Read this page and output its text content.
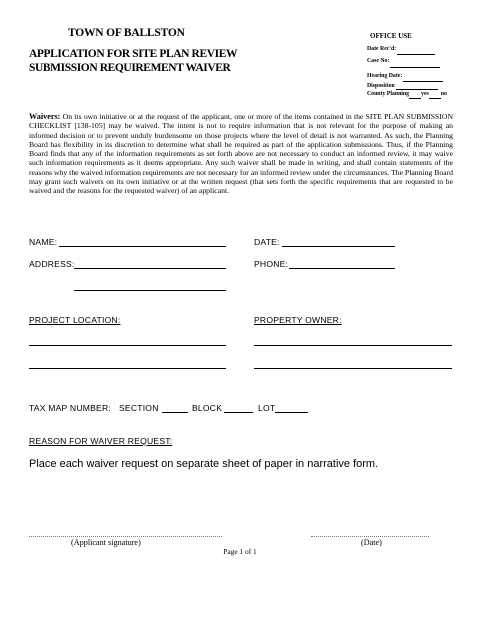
TOWN OF BALLSTON
APPLICATION FOR SITE PLAN REVIEW
SUBMISSION REQUIREMENT WAIVER
OFFICE USE
Date Rec'd:
Case No:
Hearing Date:
Disposition
County Planning yes no
Waivers: On its own initiative or at the request of the applicant, one or more of the items contained in the SITE PLAN SUBMISSION CHECKLIST [138-105] may be waived. The intent is not to require information that is not relevant for the purpose of making an informed decision or to prevent unduly burdensome on those projects where the level of detail is not warranted. As such, the Planning Board has flexibility in its discretion to determine what shall be required as part of the application submissions. Thus, if the Planning Board finds that any of the information requirements as set forth above are not necessary to conduct an informed review, it may waive such information requirements as it deems appropriate. Any such waiver shall be made in writing, and shall contain statements of the reasons why the waived information requirements are not necessary for an informed review under the circumstances. The Planning Board may grant such waivers on its own initiative or at the written request (that sets forth the specific requirements that are requested to be waived and the reasons for the requested waiver) of an applicant.
NAME:	DATE:
ADDRESS:	PHONE:
PROJECT LOCATION:	PROPERTY OWNER:
TAX MAP NUMBER: SECTION	BLOCK	LOT
REASON FOR WAIVER REQUEST:
Place each waiver request on separate sheet of paper in narrative form.
(Applicant signature)	(Date)
Page 1 of 1
